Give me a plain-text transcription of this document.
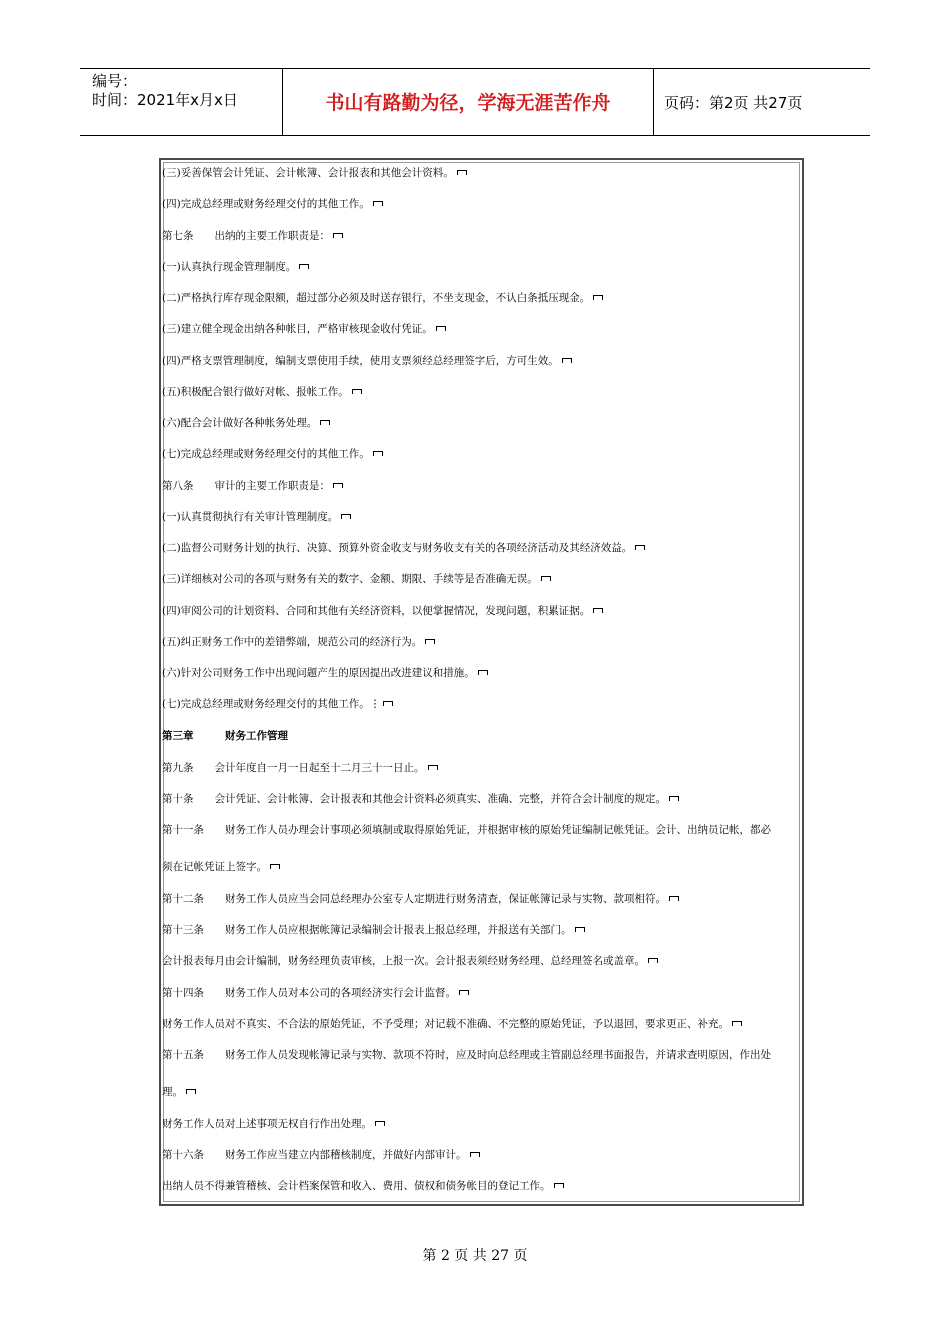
编号：
时间：2021年x月x日	书山有路勤为径，学海无涯苦作舟	页码：第2页 共27页
(三)妥善保管会计凭证、会计帐簿、会计报表和其他会计资料。
(四)完成总经理或财务经理交付的其他工作。
第七条　　出纳的主要工作职责是：
(一)认真执行现金管理制度。
(二)严格执行库存现金限额，超过部分必须及时送存银行，不坐支现金，不认白条抵压现金。
(三)建立健全现金出纳各种帐目，严格审核现金收付凭证。
(四)严格支票管理制度，编制支票使用手续，使用支票须经总经理签字后，方可生效。
(五)积极配合银行做好对帐、报帐工作。
(六)配合会计做好各种帐务处理。
(七)完成总经理或财务经理交付的其他工作。
第八条　　审计的主要工作职责是：
(一)认真贯彻执行有关审计管理制度。
(二)监督公司财务计划的执行、决算、预算外资金收支与财务收支有关的各项经济活动及其经济效益。
(三)详细核对公司的各项与财务有关的数字、金额、期限、手续等是否准确无误。
(四)审阅公司的计划资料、合同和其他有关经济资料，以便掌握情况，发现问题，积累证据。
(五)纠正财务工作中的差错弊端，规范公司的经济行为。
(六)针对公司财务工作中出现问题产生的原因提出改进建议和措施。
(七)完成总经理或财务经理交付的其他工作。⋮
第三章　　　财务工作管理
第九条　　会计年度自一月一日起至十二月三十一日止。
第十条　　会计凭证、会计帐簿、会计报表和其他会计资料必须真实、准确、完整，并符合会计制度的规定。
第十一条　　财务工作人员办理会计事项必须填制或取得原始凭证，并根据审核的原始凭证编制记帐凭证。会计、出纳员记帐，都必
须在记帐凭证上签字。
第十二条　　财务工作人员应当会同总经理办公室专人定期进行财务清查，保证帐簿记录与实物、款项相符。
第十三条　　财务工作人员应根据帐簿记录编制会计报表上报总经理，并报送有关部门。
会计报表每月由会计编制，财务经理负责审核，上报一次。会计报表须经财务经理、总经理签名或盖章。
第十四条　　财务工作人员对本公司的各项经济实行会计监督。
财务工作人员对不真实、不合法的原始凭证，不予受理；对记载不准确、不完整的原始凭证，予以退回，要求更正、补充。
第十五条　　财务工作人员发现帐簿记录与实物、款项不符时，应及时向总经理或主管副总经理书面报告，并请求查明原因，作出处
理。
财务工作人员对上述事项无权自行作出处理。
第十六条　　财务工作应当建立内部稽核制度，并做好内部审计。
出纳人员不得兼管稽核、会计档案保管和收入、费用、债权和债务帐目的登记工作。
第 2 页 共 27 页
